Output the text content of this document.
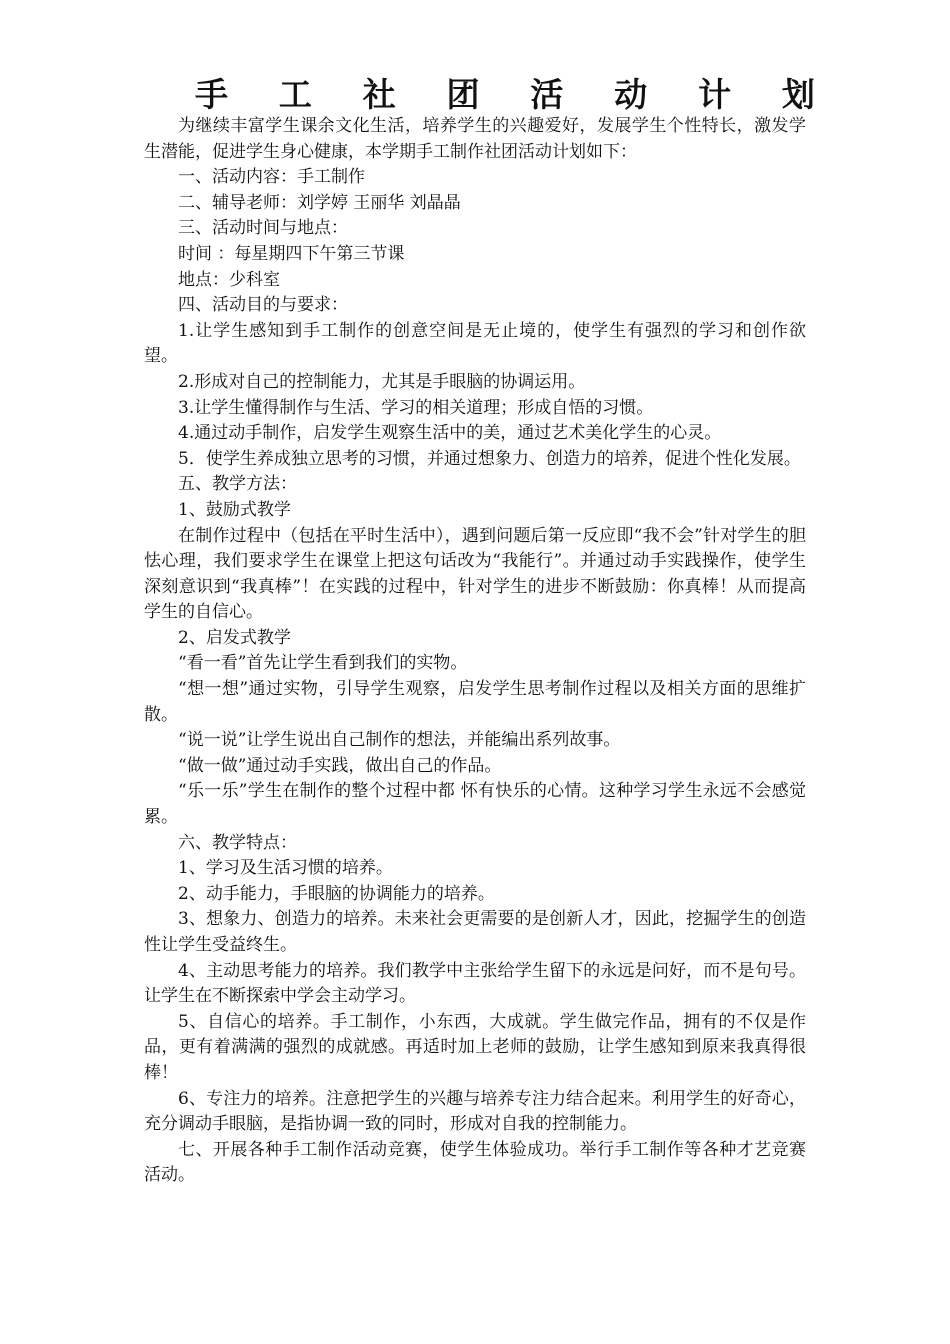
手 工 社 团 活 动 计 划

为继续丰富学生课余文化生活，培养学生的兴趣爱好，发展学生个性特长，激发学生潜能，促进学生身心健康，本学期手工制作社团活动计划如下：

一、活动内容：手工制作

二、辅导老师：刘学婷 王丽华 刘晶晶

三、活动时间与地点：

时间 ：每星期四下午第三节课

地点：少科室

四、活动目的与要求：

1.让学生感知到手工制作的创意空间是无止境的，使学生有强烈的学习和创作欲望。

2.形成对自己的控制能力，尤其是手眼脑的协调运用。

3.让学生懂得制作与生活、学习的相关道理；形成自悟的习惯。

4.通过动手制作，启发学生观察生活中的美，通过艺术美化学生的心灵。

5．使学生养成独立思考的习惯，并通过想象力、创造力的培养，促进个性化发展。

五、教学方法：

1、鼓励式教学

在制作过程中（包括在平时生活中），遇到问题后第一反应即“我不会”针对学生的胆怯心理，我们要求学生在课堂上把这句话改为“我能行”。并通过动手实践操作，使学生深刻意识到“我真棒”！在实践的过程中，针对学生的进步不断鼓励：你真棒！从而提高学生的自信心。

2、启发式教学

“看一看”首先让学生看到我们的实物。

“想一想”通过实物，引导学生观察，启发学生思考制作过程以及相关方面的思维扩散。

“说一说”让学生说出自己制作的想法，并能编出系列故事。

“做一做”通过动手实践，做出自己的作品。

“乐一乐”学生在制作的整个过程中都 怀有快乐的心情。这种学习学生永远不会感觉累。

六、教学特点：

1、学习及生活习惯的培养。

2、动手能力，手眼脑的协调能力的培养。

3、想象力、创造力的培养。未来社会更需要的是创新人才，因此，挖掘学生的创造性让学生受益终生。

4、主动思考能力的培养。我们教学中主张给学生留下的永远是问好，而不是句号。让学生在不断探索中学会主动学习。

5、自信心的培养。手工制作，小东西，大成就。学生做完作品，拥有的不仅是作品，更有着满满的强烈的成就感。再适时加上老师的鼓励，让学生感知到原来我真得很棒！

6、专注力的培养。注意把学生的兴趣与培养专注力结合起来。利用学生的好奇心，充分调动手眼脑，是指协调一致的同时，形成对自我的控制能力。

七、开展各种手工制作活动竞赛，使学生体验成功。举行手工制作等各种才艺竞赛活动。
